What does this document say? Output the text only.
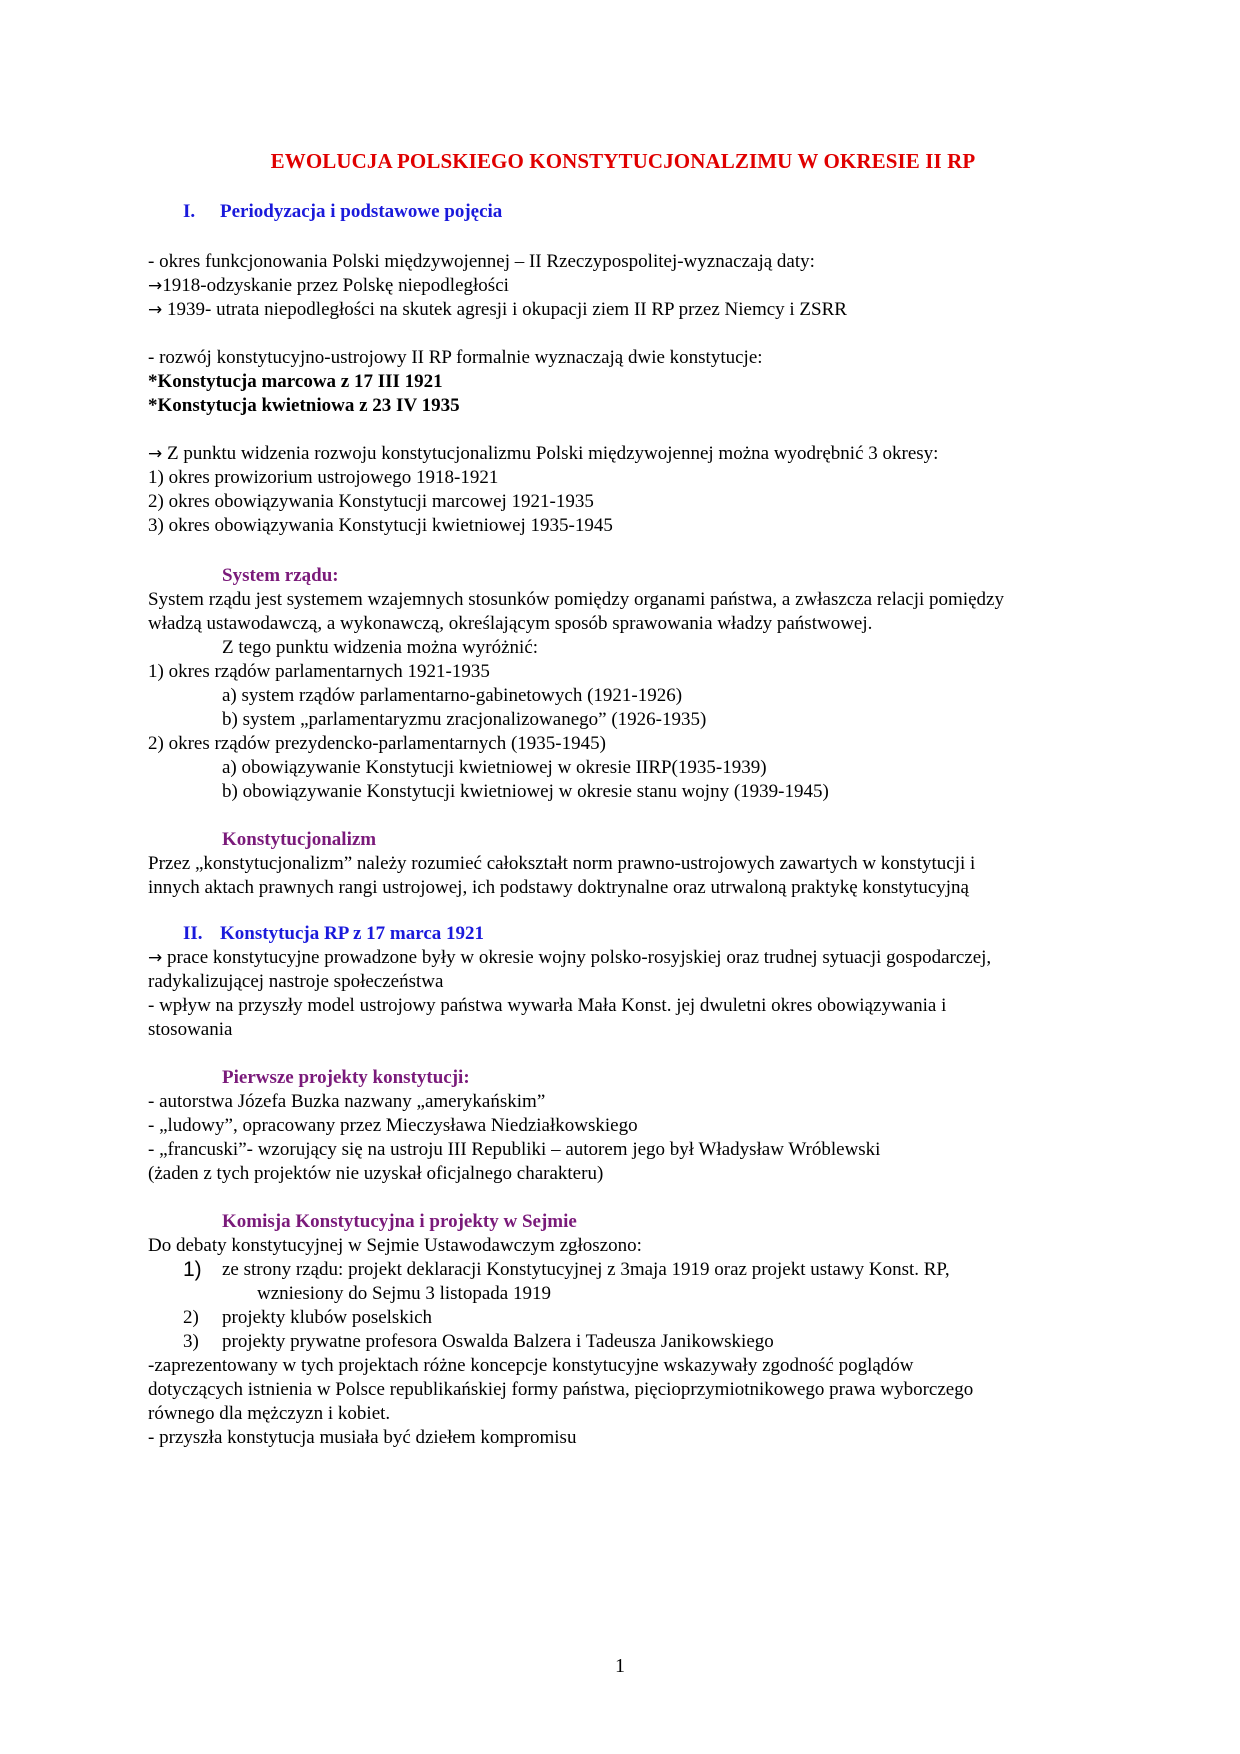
EWOLUCJA POLSKIEGO KONSTYTUCJONALZIMU W OKRESIE II RP
I.	Periodyzacja i podstawowe pojęcia
- okres funkcjonowania Polski międzywojennej – II Rzeczypospolitej-wyznaczają daty:
→1918-odzyskanie przez Polskę niepodległości
→ 1939- utrata niepodległości na skutek agresji i okupacji ziem II RP przez Niemcy i ZSRR
- rozwój konstytucyjno-ustrojowy II RP formalnie wyznaczają dwie konstytucje:
*Konstytucja marcowa z 17 III 1921
*Konstytucja kwietniowa z 23 IV 1935
→ Z punktu widzenia rozwoju konstytucjonalizmu Polski międzywojennej można wyodrębnić 3 okresy:
1) okres prowizorium ustrojowego 1918-1921
2) okres obowiązywania Konstytucji marcowej 1921-1935
3) okres obowiązywania Konstytucji kwietniowej 1935-1945
System rządu:
System rządu jest systemem wzajemnych stosunków pomiędzy organami państwa, a zwłaszcza relacji pomiędzy
władzą ustawodawczą, a wykonawczą, określającym sposób sprawowania władzy państwowej.
Z tego punktu widzenia można wyróżnić:
1) okres rządów parlamentarnych 1921-1935
a) system rządów parlamentarno-gabinetowych (1921-1926)
b) system „parlamentaryzmu zracjonalizowanego” (1926-1935)
2) okres rządów prezydencko-parlamentarnych (1935-1945)
a) obowiązywanie Konstytucji kwietniowej w okresie IIRP(1935-1939)
b) obowiązywanie Konstytucji kwietniowej w okresie stanu wojny (1939-1945)
Konstytucjonalizm
Przez „konstytucjonalizm” należy rozumieć całokształt norm prawno-ustrojowych zawartych w konstytucji i
innych aktach prawnych rangi ustrojowej, ich podstawy doktrynalne oraz utrwaloną praktykę konstytucyjną
II. Konstytucja RP z 17 marca 1921
→ prace konstytucyjne prowadzone były w okresie wojny polsko-rosyjskiej oraz trudnej sytuacji gospodarczej,
radykalizującej nastroje społeczeństwa
- wpływ na przyszły model ustrojowy państwa wywarła Mała Konst. jej dwuletni okres obowiązywania i
stosowania
Pierwsze projekty konstytucji:
- autorstwa Józefa Buzka nazwany „amerykańskim”
- „ludowy”, opracowany przez Mieczysława Niedziałkowskiego
- „francuski”- wzorujący się na ustroju III Republiki – autorem jego był Władysław Wróblewski
(żaden z tych projektów nie uzyskał oficjalnego charakteru)
Komisja Konstytucyjna i projekty w Sejmie
Do debaty konstytucyjnej w Sejmie Ustawodawczym zgłoszono:
1)	ze strony rządu: projekt deklaracji Konstytucyjnej z 3maja 1919 oraz projekt ustawy Konst. RP,
wzniesiony do Sejmu 3 listopada 1919
2)	projekty klubów poselskich
3)	projekty prywatne profesora Oswalda Balzera i Tadeusza Janikowskiego
-zaprezentowany w tych projektach różne koncepcje konstytucyjne wskazywały zgodność poglądów
dotyczących istnienia w Polsce republikańskiej formy państwa, pięcioprzymiotnikowego prawa wyborczego
równego dla mężczyzn i kobiet.
- przyszła konstytucja musiała być dziełem kompromisu
1
